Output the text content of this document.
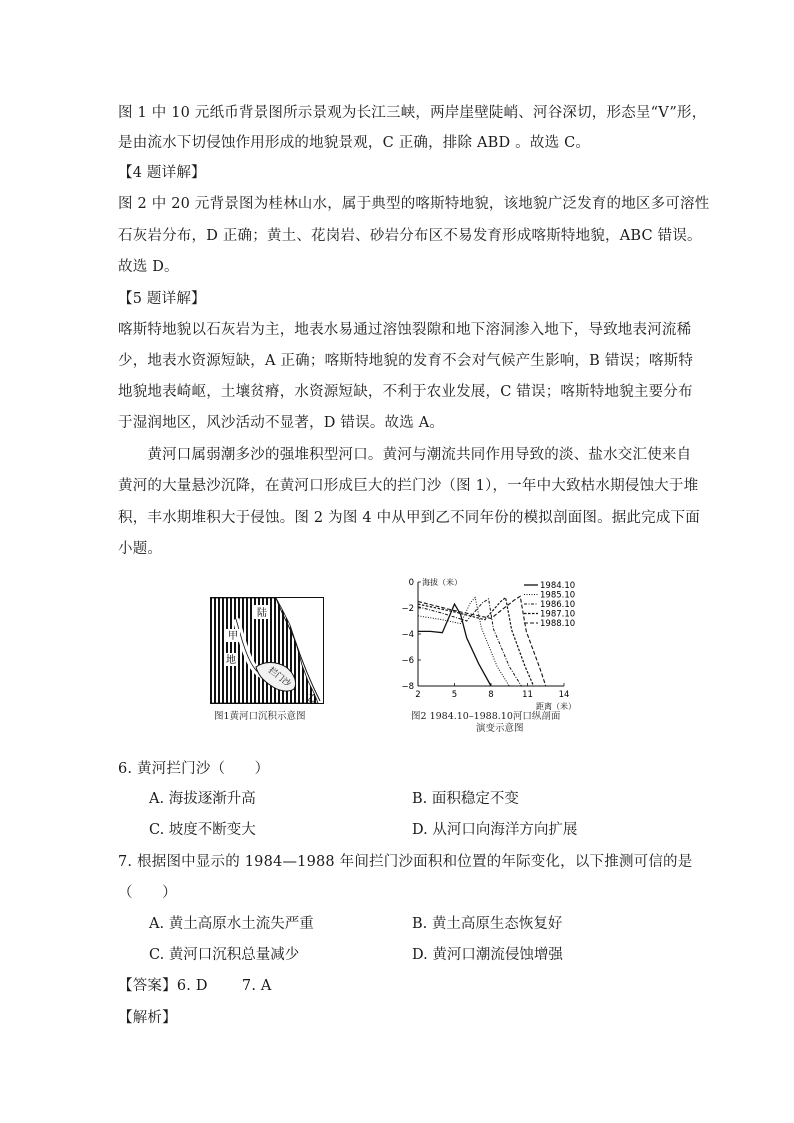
图 1 中 10 元纸币背景图所示景观为长江三峡，两岸崖壁陡峭、河谷深切，形态呈“V”形，
是由流水下切侵蚀作用形成的地貌景观，C 正确，排除 ABD 。故选 C。
【4 题详解】
图 2 中 20 元背景图为桂林山水，属于典型的喀斯特地貌，该地貌广泛发育的地区多可溶性
石灰岩分布，D 正确；黄土、花岗岩、砂岩分布区不易发育形成喀斯特地貌，ABC 错误。
故选 D。
【5 题详解】
喀斯特地貌以石灰岩为主，地表水易通过溶蚀裂隙和地下溶洞渗入地下，导致地表河流稀
少，地表水资源短缺，A 正确；喀斯特地貌的发育不会对气候产生影响，B 错误；喀斯特
地貌地表崎岖，土壤贫瘠，水资源短缺，不利于农业发展，C 错误；喀斯特地貌主要分布
于湿润地区，风沙活动不显著，D 错误。故选 A。
　　黄河口属弱潮多沙的强堆积型河口。黄河与潮流共同作用导致的淡、盐水交汇使来自
黄河的大量悬沙沉降，在黄河口形成巨大的拦门沙（图 1），一年中大致枯水期侵蚀大于堆
积，丰水期堆积大于侵蚀。图 2 为图 4 中从甲到乙不同年份的模拟剖面图。据此完成下面
小题。
陆
甲
地
拦门沙
乙
图1黄河口沉积示意图
0
−2
−4
−6
−8
2	5	8	11	14
海拔（米）
距离（米）
1984.10
1985.10
1986.10
1987.10
1988.10
图2 1984.10–1988.10河口纵剖面
演变示意图
6. 黄河拦门沙（　　）
A. 海拔逐渐升高	B. 面积稳定不变
C. 坡度不断变大	D. 从河口向海洋方向扩展
7. 根据图中显示的 1984—1988 年间拦门沙面积和位置的年际变化，以下推测可信的是
（　　）
A. 黄土高原水土流失严重	B. 黄土高原生态恢复好
C. 黄河口沉积总量减少	D. 黄河口潮流侵蚀增强
【答案】6. D　　 7. A
【解析】
